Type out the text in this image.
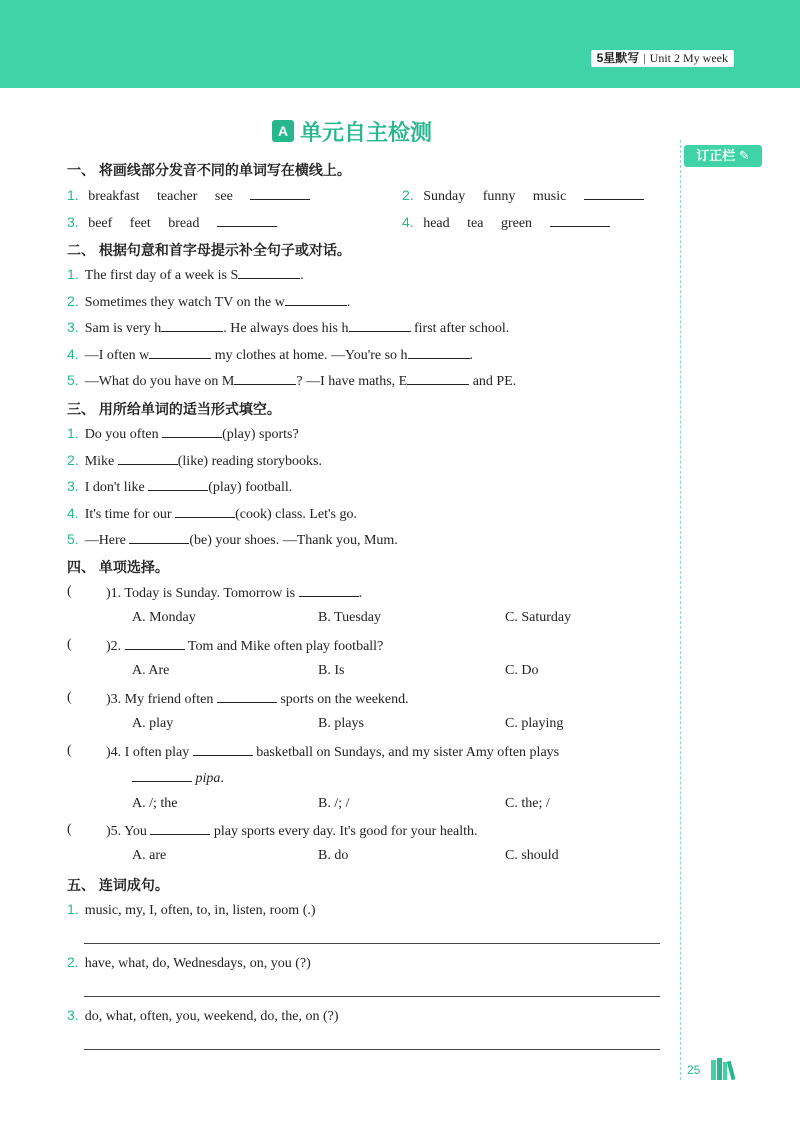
5星默写 | Unit 2 My week
订正栏 ✎
A 单元自主检测
一、 将画线部分发音不同的单词写在横线上。
1. breakfast teacher see	2. Sunday funny music
3. beef feet bread	4. head tea green
二、 根据句意和首字母提示补全句子或对话。
1. The first day of a week is S	.
2. Sometimes they watch TV on the w	.
3. Sam is very h	. He always does his h	first after school.
4. —I often w	my clothes at home. —You're so h	.
5. —What do you have on M	? —I have maths, E	and PE.
三、 用所给单词的适当形式填空。
1. Do you often	(play) sports?
2. Mike	(like) reading storybooks.
3. I don't like	(play) football.
4. It's time for our	(cook) class. Let's go.
5. —Here	(be) your shoes. —Thank you, Mum.
四、 单项选择。
( )1. Today is Sunday. Tomorrow is	.
A. Monday	B. Tuesday	C. Saturday
( )2.	Tom and Mike often play football?
A. Are	B. Is	C. Do
( )3. My friend often	sports on the weekend.
A. play	B. plays	C. playing
( )4. I often play	basketball on Sundays, and my sister Amy often plays
pipa.
A. /; the	B. /; /	C. the; /
( )5. You	play sports every day. It's good for your health.
A. are	B. do	C. should
五、 连词成句。
1. music, my, I, often, to, in, listen, room (.)
2. have, what, do, Wednesdays, on, you (?)
3. do, what, often, you, weekend, do, the, on (?)
25
